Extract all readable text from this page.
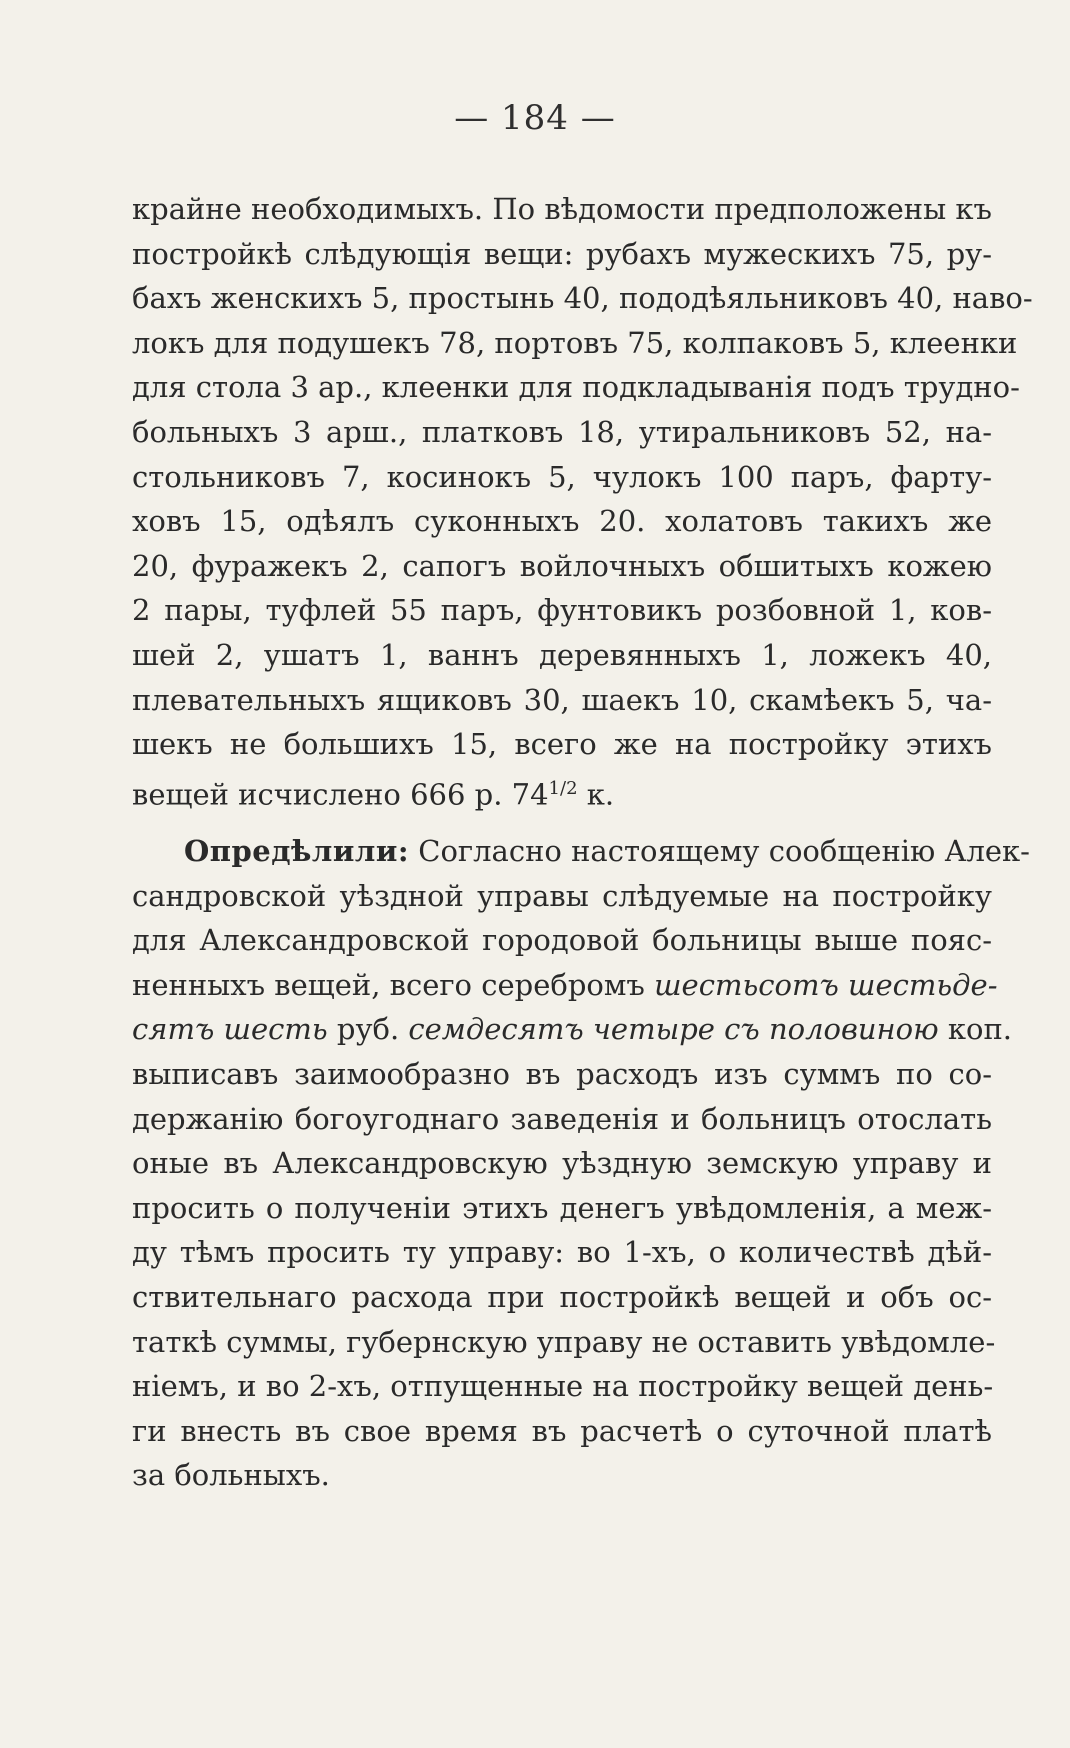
— 184 —

крайне необходимыхъ. По вѣдомости предположены къ
постройкѣ слѣдующія вещи: рубахъ мужескихъ 75, ру-
бахъ женскихъ 5, простынь 40, пододѣяльниковъ 40, наво-
локъ для подушекъ 78, портовъ 75, колпаковъ 5, клеенки
для стола 3 ар., клеенки для подкладыванія подъ трудно-
больныхъ 3 арш., платковъ 18, утиральниковъ 52, на-
стольниковъ 7, косинокъ 5, чулокъ 100 паръ, фарту-
ховъ 15, одѣялъ суконныхъ 20. холатовъ такихъ же
20, фуражекъ 2, сапогъ войлочныхъ обшитыхъ кожею
2 пары, туфлей 55 паръ, фунтовикъ розбовной 1, ков-
шей 2, ушатъ 1, ваннъ деревянныхъ 1, ложекъ 40,
плевательныхъ ящиковъ 30, шаекъ 10, скамѣекъ 5, ча-
шекъ не большихъ 15, всего же на постройку этихъ
вещей исчислено 666 р. $74^{1/2}$ к.
Опредѣлили: Согласно настоящему сообщенію Алек-
сандровской уѣздной управы слѣдуемые на постройку
для Александровской городовой больницы выше пояс-
ненныхъ вещей, всего серебромъ шестьсотъ шестьде-
сятъ шесть руб. семдесятъ четыре съ половиною коп.
выписавъ заимообразно въ расходъ изъ суммъ по со-
держанію богоугоднаго заведенія и больницъ отослать
оные въ Александровскую уѣздную земскую управу и
просить о полученіи этихъ денегъ увѣдомленія, а меж-
ду тѣмъ просить ту управу: во 1-хъ, о количествѣ дѣй-
ствительнаго расхода при постройкѣ вещей и объ ос-
таткѣ суммы, губернскую управу не оставить увѣдомле-
ніемъ, и во 2-хъ, отпущенные на постройку вещей день-
ги внесть въ свое время въ расчетѣ о суточной платѣ
за больныхъ.
